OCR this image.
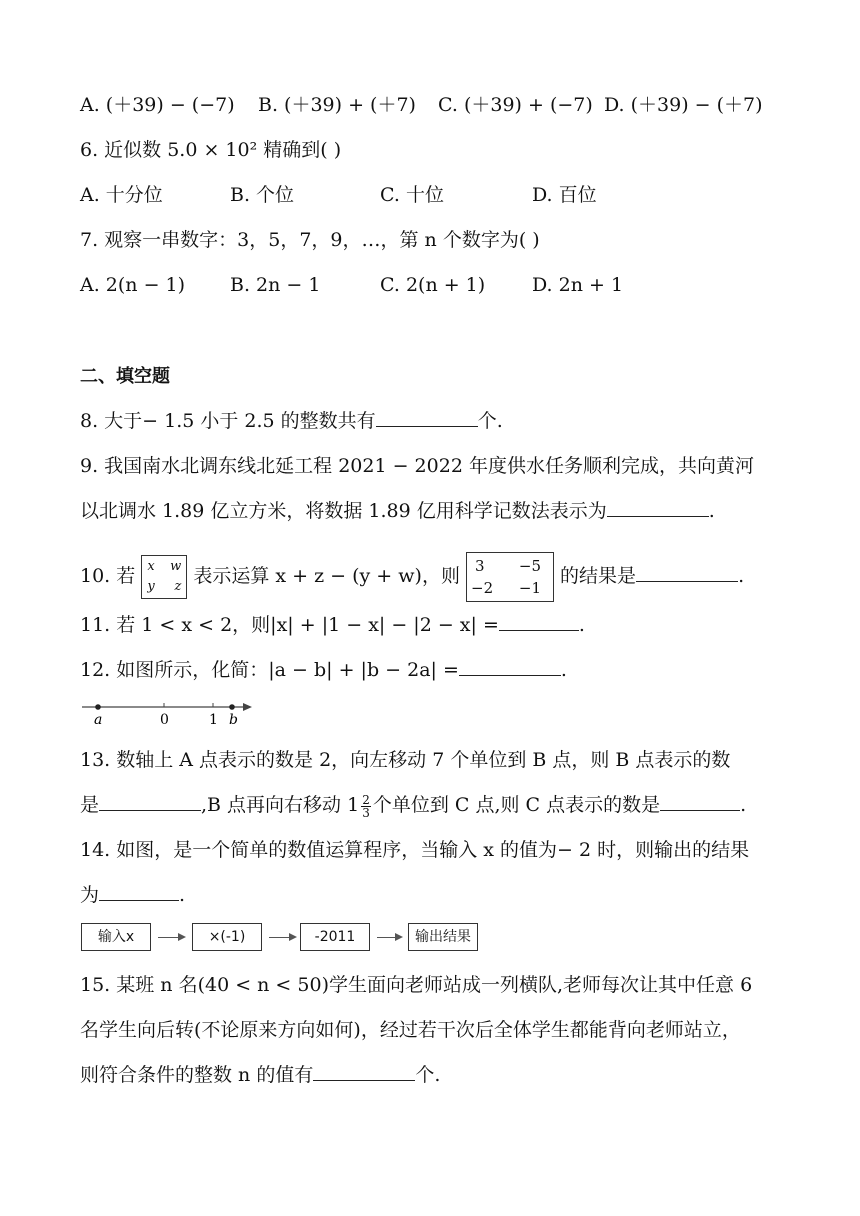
A. (＋39) − (−7) B. (＋39) + (＋7) C. (＋39) + (−7) D. (＋39) − (＋7)
6. 近似数 5.0 × 10² 精确到( )
A. 十分位	B. 个位	C. 十位	D. 百位
7. 观察一串数字：3，5，7，9，…，第 n 个数字为( )
A. 2(n − 1) B. 2n − 1	C. 2(n + 1) D. 2n + 1
二、填空题
8. 大于− 1.5 小于 2.5 的整数共有	个.
9. 我国南水北调东线北延工程 2021 − 2022 年度供水任务顺利完成，共向黄河
以北调水 1.89 亿立方米，将数据 1.89 亿用科学记数法表示为	.
10. 若 x w
y z 表示运算 x + z − (y + w)，则 3 −5
−2 −1
的结果是	.
11. 若 1 < x < 2，则|x| + |1 − x| − |2 − x| =	.
12. 如图所示，化简：|a − b| + |b − 2a| =	.
a	0	1 b
13. 数轴上 A 点表示的数是 2，向左移动 7 个单位到 B 点，则 B 点表示的数
是	,B 点再向右移动 $1 \frac{2}{3}$ 个单位到 C 点,则 C 点表示的数是	.
14. 如图，是一个简单的数值运算程序，当输入 x 的值为− 2 时，则输出的结果
为	.
输入x	×(-1)	-2011	输出结果
15. 某班 n 名(40 < n < 50)学生面向老师站成一列横队,老师每次让其中任意 6
名学生向后转(不论原来方向如何)，经过若干次后全体学生都能背向老师站立，
则符合条件的整数 n 的值有	个.
